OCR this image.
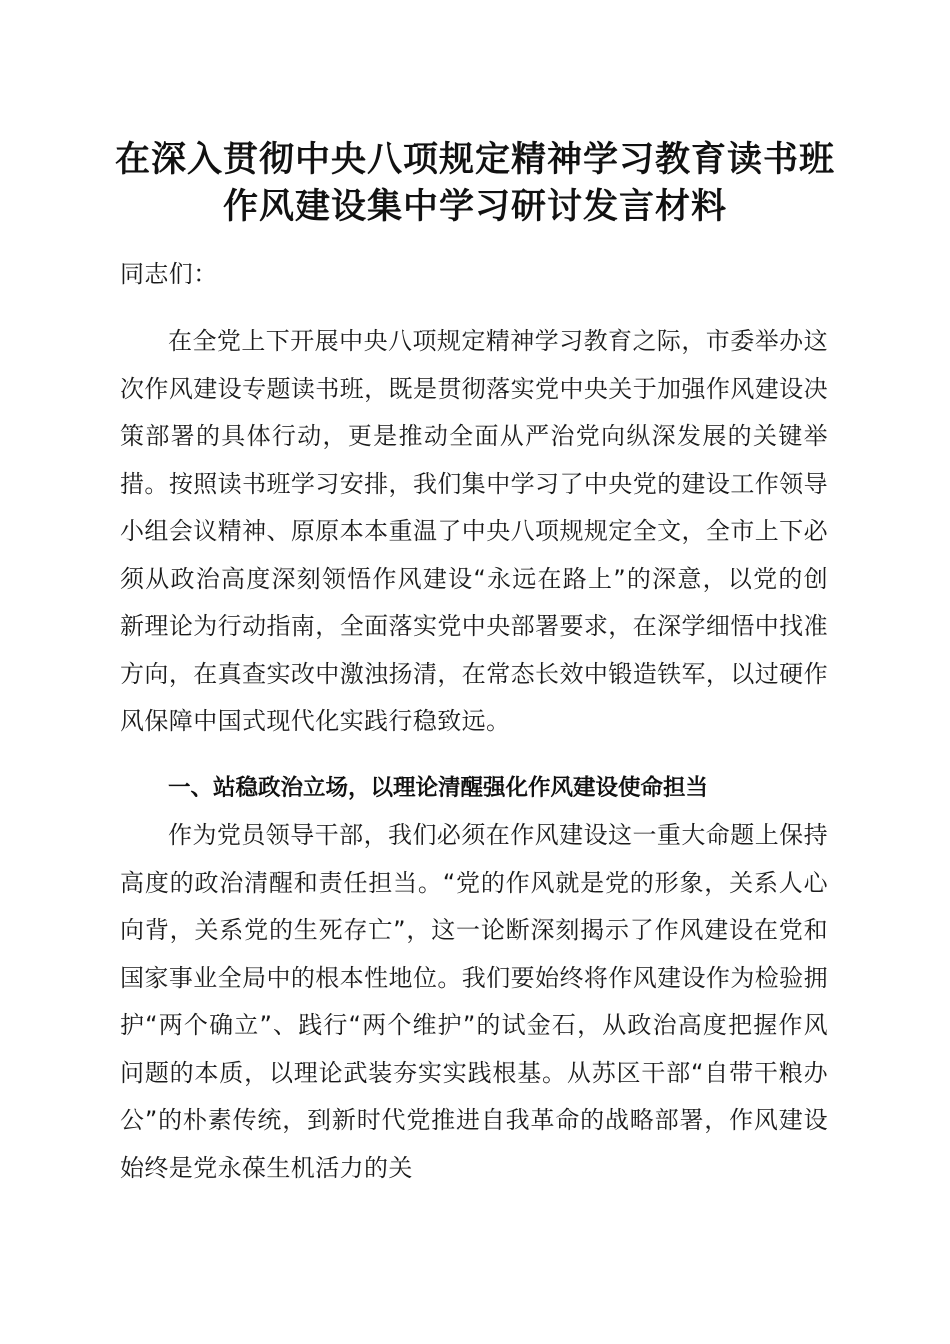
在深入贯彻中央八项规定精神学习教育读书班
作风建设集中学习研讨发言材料
同志们：
在全党上下开展中央八项规定精神学习教育之际，市委举办这次作风建设专题读书班，既是贯彻落实党中央关于加强作风建设决策部署的具体行动，更是推动全面从严治党向纵深发展的关键举措。按照读书班学习安排，我们集中学习了中央党的建设工作领导小组会议精神、原原本本重温了中央八项规规定全文，全市上下必须从政治高度深刻领悟作风建设“永远在路上”的深意，以党的创新理论为行动指南，全面落实党中央部署要求，在深学细悟中找准方向，在真查实改中激浊扬清，在常态长效中锻造铁军，以过硬作风保障中国式现代化实践行稳致远。
一、站稳政治立场，以理论清醒强化作风建设使命担当
作为党员领导干部，我们必须在作风建设这一重大命题上保持高度的政治清醒和责任担当。“党的作风就是党的形象，关系人心向背，关系党的生死存亡”，这一论断深刻揭示了作风建设在党和国家事业全局中的根本性地位。我们要始终将作风建设作为检验拥护“两个确立”、践行“两个维护”的试金石，从政治高度把握作风问题的本质，以理论武装夯实实践根基。从苏区干部“自带干粮办公”的朴素传统，到新时代党推进自我革命的战略部署，作风建设始终是党永葆生机活力的关
